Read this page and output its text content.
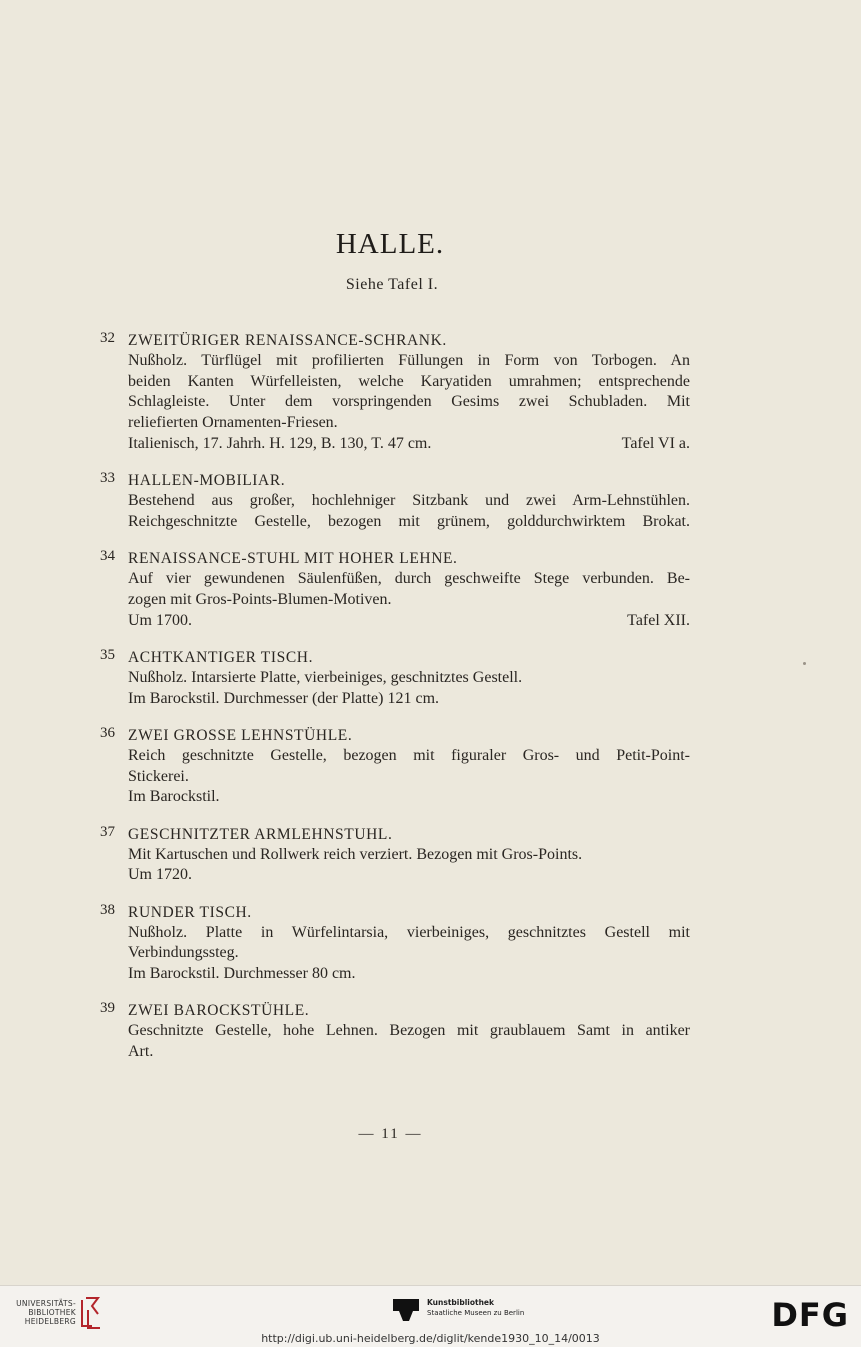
HALLE.
Siehe Tafel I.
32 ZWEITÜRIGER RENAISSANCE-SCHRANK.
Nußholz. Türflügel mit profilierten Füllungen in Form von Torbogen. An
beiden Kanten Würfelleisten, welche Karyatiden umrahmen; entsprechende
Schlagleiste. Unter dem vorspringenden Gesims zwei Schubladen. Mit
reliefierten Ornamenten-Friesen.
Italienisch, 17. Jahrh. H. 129, B. 130, T. 47 cm.	Tafel VI a.
33 HALLEN-MOBILIAR.
Bestehend aus großer, hochlehniger Sitzbank und zwei Arm-Lehnstühlen.
Reichgeschnitzte Gestelle, bezogen mit grünem, golddurchwirktem Brokat.
34 RENAISSANCE-STUHL MIT HOHER LEHNE.
Auf vier gewundenen Säulenfüßen, durch geschweifte Stege verbunden. Be-
zogen mit Gros-Points-Blumen-Motiven.
Um 1700.	Tafel XII.
35 ACHTKANTIGER TISCH.
Nußholz. Intarsierte Platte, vierbeiniges, geschnitztes Gestell.
Im Barockstil. Durchmesser (der Platte) 121 cm.
36 ZWEI GROSSE LEHNSTÜHLE.
Reich geschnitzte Gestelle, bezogen mit figuraler Gros- und Petit-Point-
Stickerei.
Im Barockstil.
37 GESCHNITZTER ARMLEHNSTUHL.
Mit Kartuschen und Rollwerk reich verziert. Bezogen mit Gros-Points.
Um 1720.
38 RUNDER TISCH.
Nußholz. Platte in Würfelintarsia, vierbeiniges, geschnitztes Gestell mit
Verbindungssteg.
Im Barockstil. Durchmesser 80 cm.
39 ZWEI BAROCKSTÜHLE.
Geschnitzte Gestelle, hohe Lehnen. Bezogen mit graublauem Samt in antiker
Art.
— 11 —
UNIVERSITÄTS-
BIBLIOTHEK
HEIDELBERG
Kunstbibliothek
Staatliche Museen zu Berlin	DFG
http://digi.ub.uni-heidelberg.de/diglit/kende1930_10_14/0013
